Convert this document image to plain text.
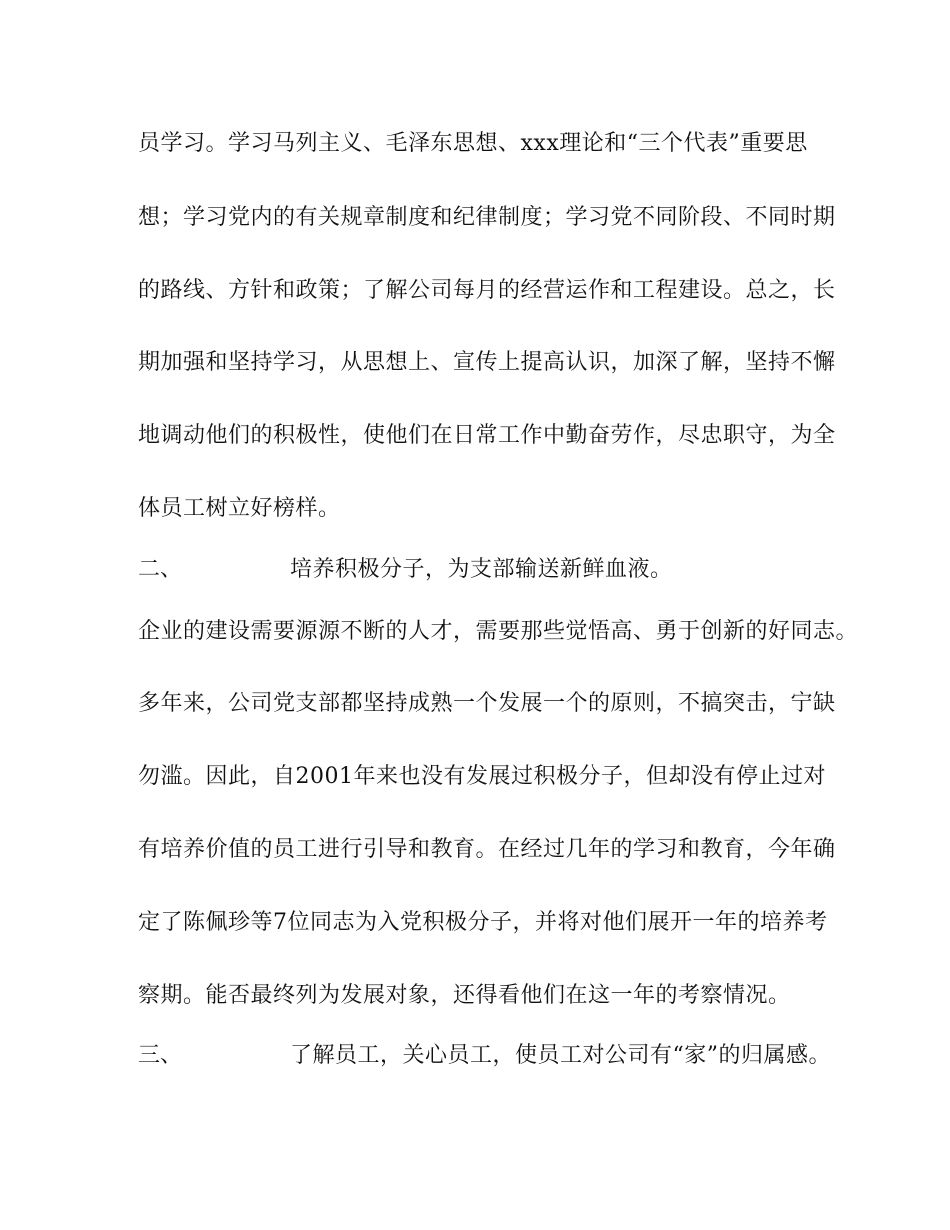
员学习。学习马列主义、毛泽东思想、xxx理论和“三个代表”重要思
想；学习党内的有关规章制度和纪律制度；学习党不同阶段、不同时期
的路线、方针和政策；了解公司每月的经营运作和工程建设。总之，长
期加强和坚持学习，从思想上、宣传上提高认识，加深了解，坚持不懈
地调动他们的积极性，使他们在日常工作中勤奋劳作，尽忠职守，为全
体员工树立好榜样。
二、	培养积极分子，为支部输送新鲜血液。
企业的建设需要源源不断的人才，需要那些觉悟高、勇于创新的好同志。
多年来，公司党支部都坚持成熟一个发展一个的原则，不搞突击，宁缺
勿滥。因此，自2001年来也没有发展过积极分子，但却没有停止过对
有培养价值的员工进行引导和教育。在经过几年的学习和教育，今年确
定了陈佩珍等7位同志为入党积极分子，并将对他们展开一年的培养考
察期。能否最终列为发展对象，还得看他们在这一年的考察情况。
三、	了解员工，关心员工，使员工对公司有“家”的归属感。
